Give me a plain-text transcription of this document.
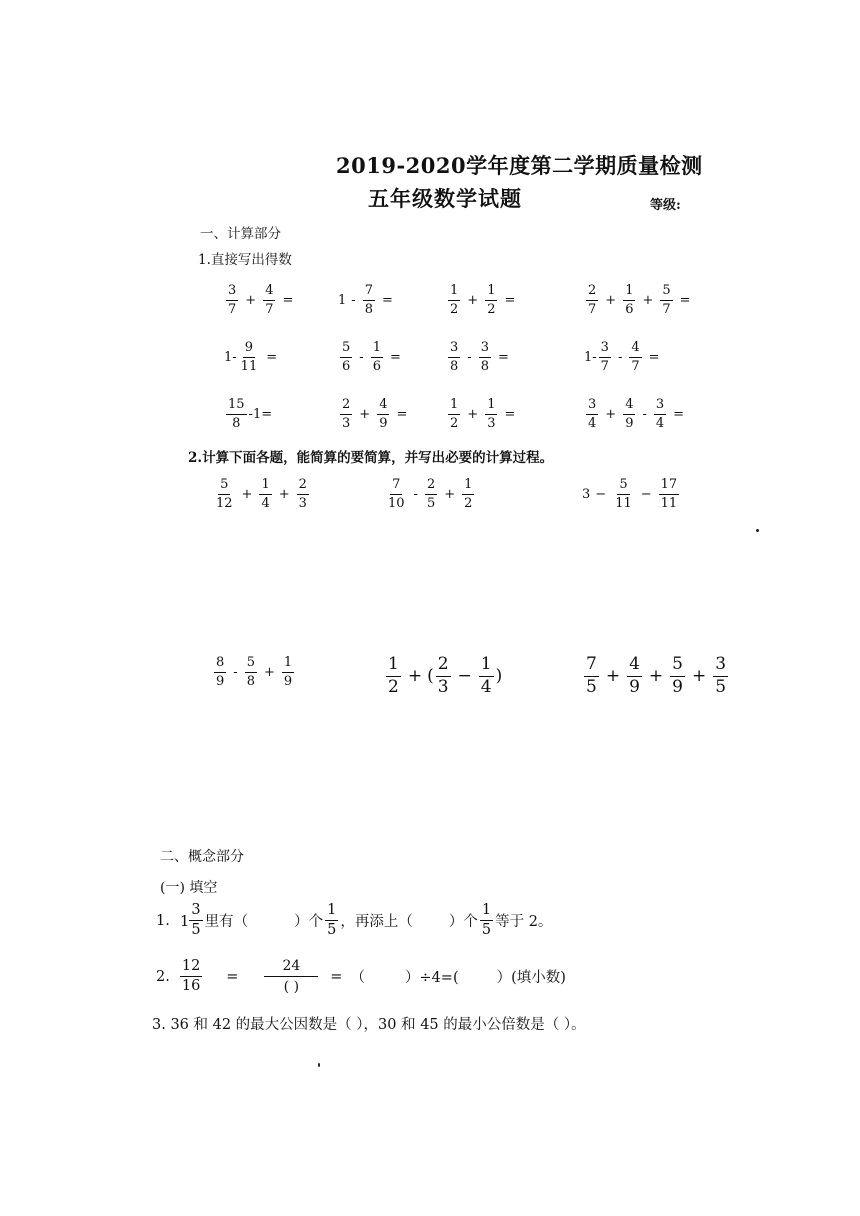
2019-2020学年度第二学期质量检测
五年级数学试题	等级:
一、计算部分
1.直接写出得数
$\frac{3}{7} + \frac{4}{7}$ =	$1 - \frac{7}{8}$ =	$\frac{1}{2} + \frac{1}{2}$ =	$\frac{2}{7} + \frac{1}{6} + \frac{5}{7}$ =
$1- \frac{9}{11}$ =	$\frac{5}{6} - \frac{1}{6}$ =	$\frac{3}{8} - \frac{3}{8}$ =	$1- \frac{3}{7} - \frac{4}{7}$ =
$\frac{15}{8} -1=$	$\frac{2}{3} + \frac{4}{9}$ =	$\frac{1}{2} + \frac{1}{3}$ =	$\frac{3}{4} + \frac{4}{9} - \frac{3}{4}$ =
2.计算下面各题，能简算的要简算，并写出必要的计算过程。
$\frac{5}{12} + \frac{1}{4} + \frac{2}{3}$	$\frac{7}{10} - \frac{2}{5} + \frac{1}{2}$	$3 - \frac{5}{11} - \frac{17}{11}$
$\frac{8}{9} - \frac{5}{8} + \frac{1}{9}$	$\frac{1}{2}$ + ( $\frac{2}{3} - \frac{1}{4}$ )	$\frac{7}{5} + \frac{4}{9} + \frac{5}{9} + \frac{3}{5}$
二、概念部分
(一) 填空
1. $1 \frac{3}{5}$ 里有（	）个 $\frac{1}{5}$ ，再添上（ ）个 $\frac{1}{5}$ 等于 2。
2. $\frac{12}{16} = \frac{24}{( )}$ = （	）÷4=(	）(填小数)
3. 36 和 42 的最大公因数是（ ），30 和 45 的最小公倍数是（ ）。
